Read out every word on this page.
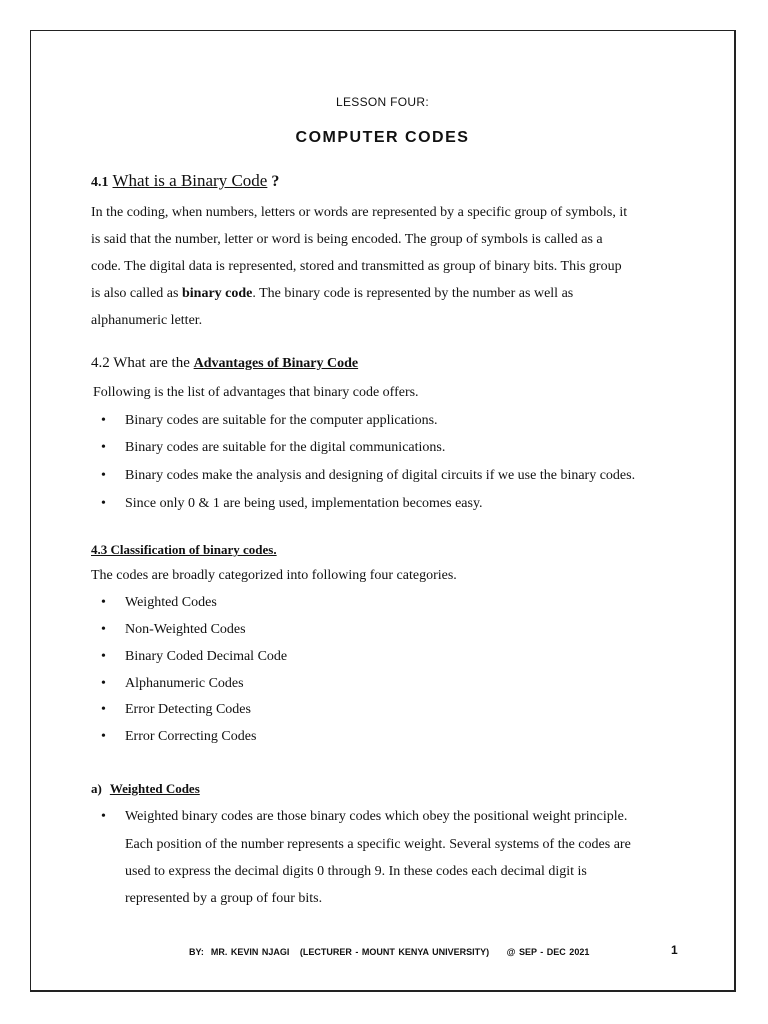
LESSON FOUR:
COMPUTER CODES
4.1 What is a Binary Code ?
In the coding, when numbers, letters or words are represented by a specific group of symbols, it
is said that the number, letter or word is being encoded. The group of symbols is called as a
code. The digital data is represented, stored and transmitted as group of binary bits. This group
is also called as binary code. The binary code is represented by the number as well as
alphanumeric letter.
4.2 What are the Advantages of Binary Code
Following is the list of advantages that binary code offers.
• Binary codes are suitable for the computer applications.
• Binary codes are suitable for the digital communications.
• Binary codes make the analysis and designing of digital circuits if we use the binary codes.
• Since only 0 & 1 are being used, implementation becomes easy.
4.3 Classification of binary codes.
The codes are broadly categorized into following four categories.
• Weighted Codes
• Non-Weighted Codes
• Binary Coded Decimal Code
• Alphanumeric Codes
• Error Detecting Codes
• Error Correcting Codes
a) Weighted Codes
• Weighted binary codes are those binary codes which obey the positional weight principle.
Each position of the number represents a specific weight. Several systems of the codes are
used to express the decimal digits 0 through 9. In these codes each decimal digit is
represented by a group of four bits.
BY:  MR. KEVIN NJAGI   (LECTURER - MOUNT KENYA UNIVERSITY)     @ SEP - DEC 2021	1
